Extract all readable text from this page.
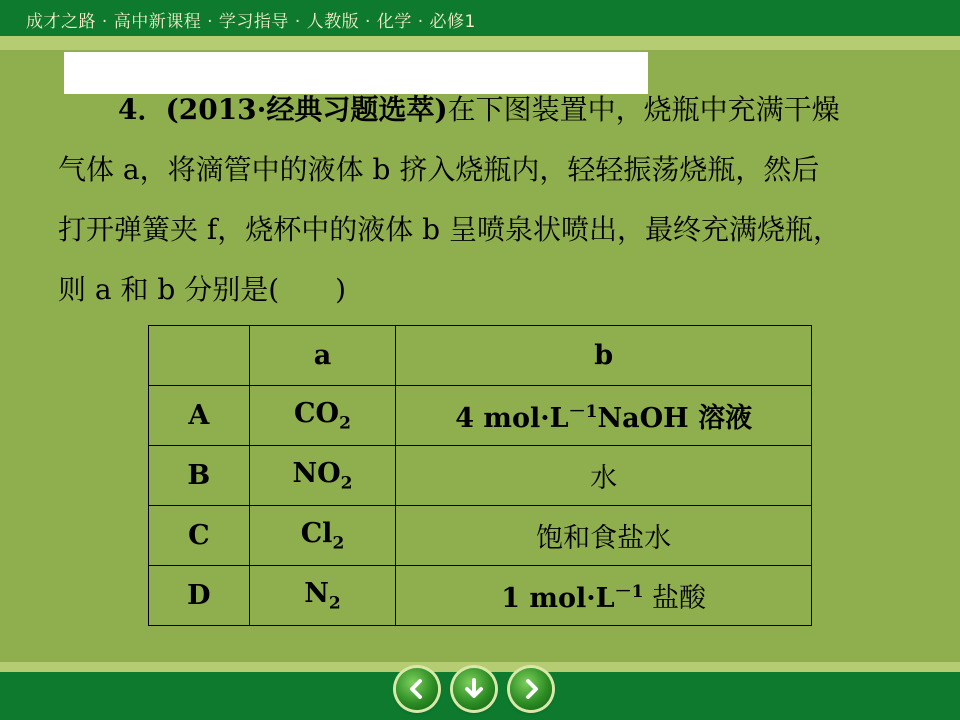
成才之路 · 高中新课程 · 学习指导 · 人教版 · 化学 · 必修1

4．(2013·经典习题选萃)在下图装置中，烧瓶中充满干燥

气体 a，将滴管中的液体 b 挤入烧瓶内，轻轻振荡烧瓶，然后

打开弹簧夹 f，烧杯中的液体 b 呈喷泉状喷出，最终充满烧瓶，

则 a 和 b 分别是(　　)

	a	b
A	$CO_2$	4 $mol\cdot L^{-1}NaOH$ 溶液
B	$NO_2$	水
C	$Cl_2$	饱和食盐水
D	$N_2$	1 $mol\cdot L^{-1}$ 盐酸
